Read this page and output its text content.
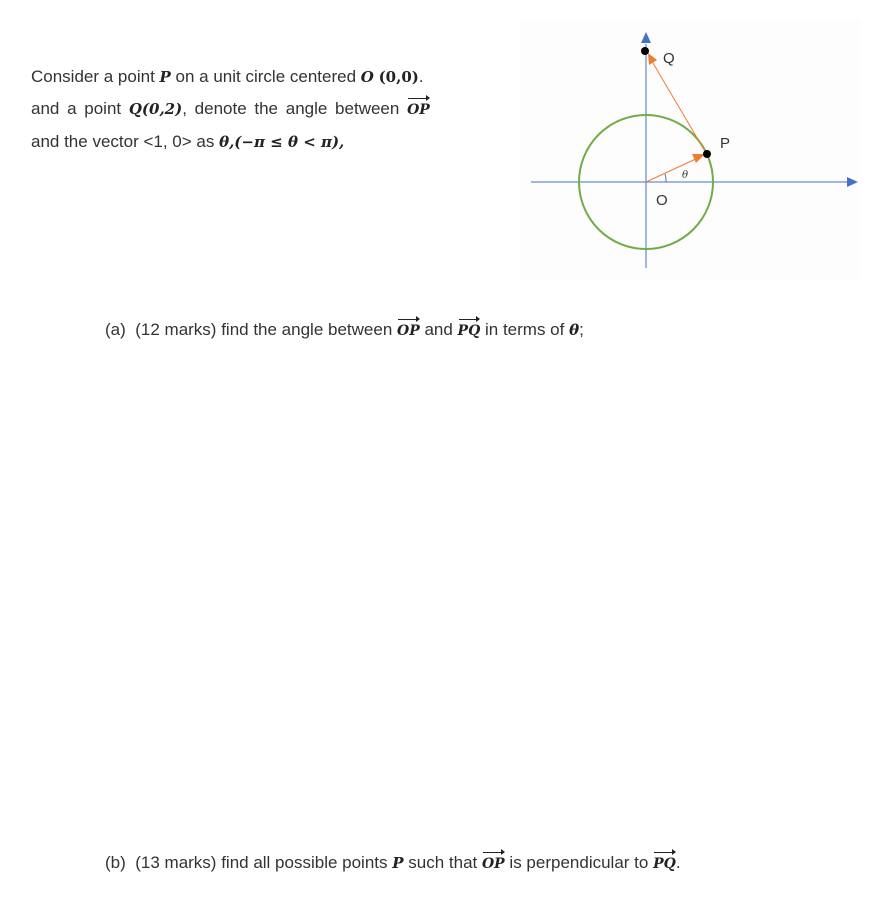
Consider a point P on a unit circle centered O (0,0).
and a point Q(0,2), denote the angle between OP
and the vector <1, 0> as θ,(−π ≤ θ < π),
O
P
Q
θ
(a) (12 marks) find the angle between OP and PQ in terms of θ;
(b) (13 marks) find all possible points P such that OP is perpendicular to PQ.
